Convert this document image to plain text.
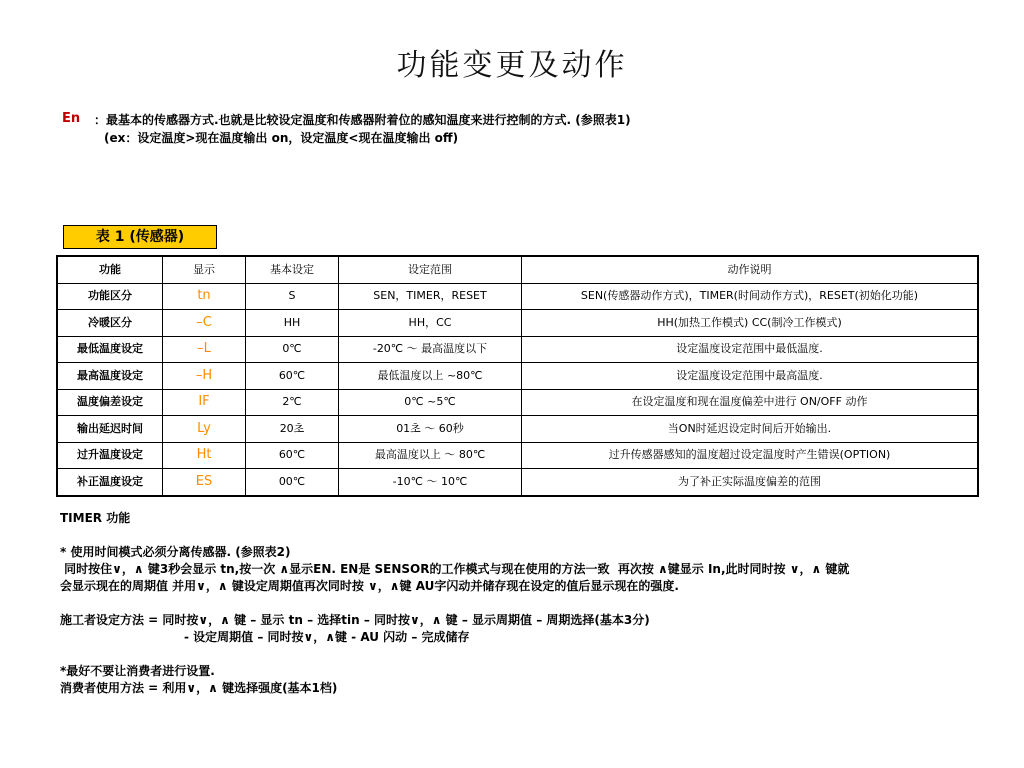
功能变更及动作
En ：最基本的传感器方式.也就是比较设定温度和传感器附着位的感知温度来进行控制的方式. (参照表1)
(ex：设定温度>现在温度输出 on，设定温度<现在温度输出 off)
表 1 (传感器)
功能	显示	基本设定	设定范围	动作说明
功能区分	tn	S	SEN，TIMER，RESET	SEN(传感器动作方式)，TIMER(时间动作方式)，RESET(初始化功能)
冷暖区分	–C	HH	HH，CC	HH(加热工作模式) CC(制冷工作模式)
最低温度设定	–L	0℃	-20℃ ～ 最高温度以下	设定温度设定范围中最低温度.
最高温度设定	–H	60℃	最低温度以上 ~80℃	设定温度设定范围中最高温度.
温度偏差设定	IF	2℃	0℃ ~5℃	在设定温度和现在温度偏差中进行 ON/OFF 动作
输出延迟时间	Ly	20초	01초 ～ 60秒	当ON时延迟设定时间后开始输出.
过升温度设定	Ht	60℃	最高温度以上 ～ 80℃	过升传感器感知的温度超过设定温度时产生错误(OPTION)
补正温度设定	ES	00℃	-10℃ ～ 10℃	为了补正实际温度偏差的范围
TIMER 功能
* 使用时间模式必须分离传感器. (参照表2)
同时按住∨，∧ 键3秒会显示 tn,按一次 ∧显示EN. EN是 SENSOR的工作模式与现在使用的方法一致  再次按 ∧键显示 In,此时同时按 ∨，∧ 键就
会显示现在的周期值 并用∨，∧ 键设定周期值再次同时按 ∨，∧键 AU字闪动并储存现在设定的值后显示现在的强度.
施工者设定方法 = 同时按∨，∧ 键 – 显示 tn – 选择tin – 同时按∨，∧ 键 – 显示周期值 – 周期选择(基本3分)
- 设定周期值 – 同时按∨，∧键 - AU 闪动 – 完成储存
*最好不要让消费者进行设置.
消费者使用方法 = 利用∨，∧ 键选择强度(基本1档)
